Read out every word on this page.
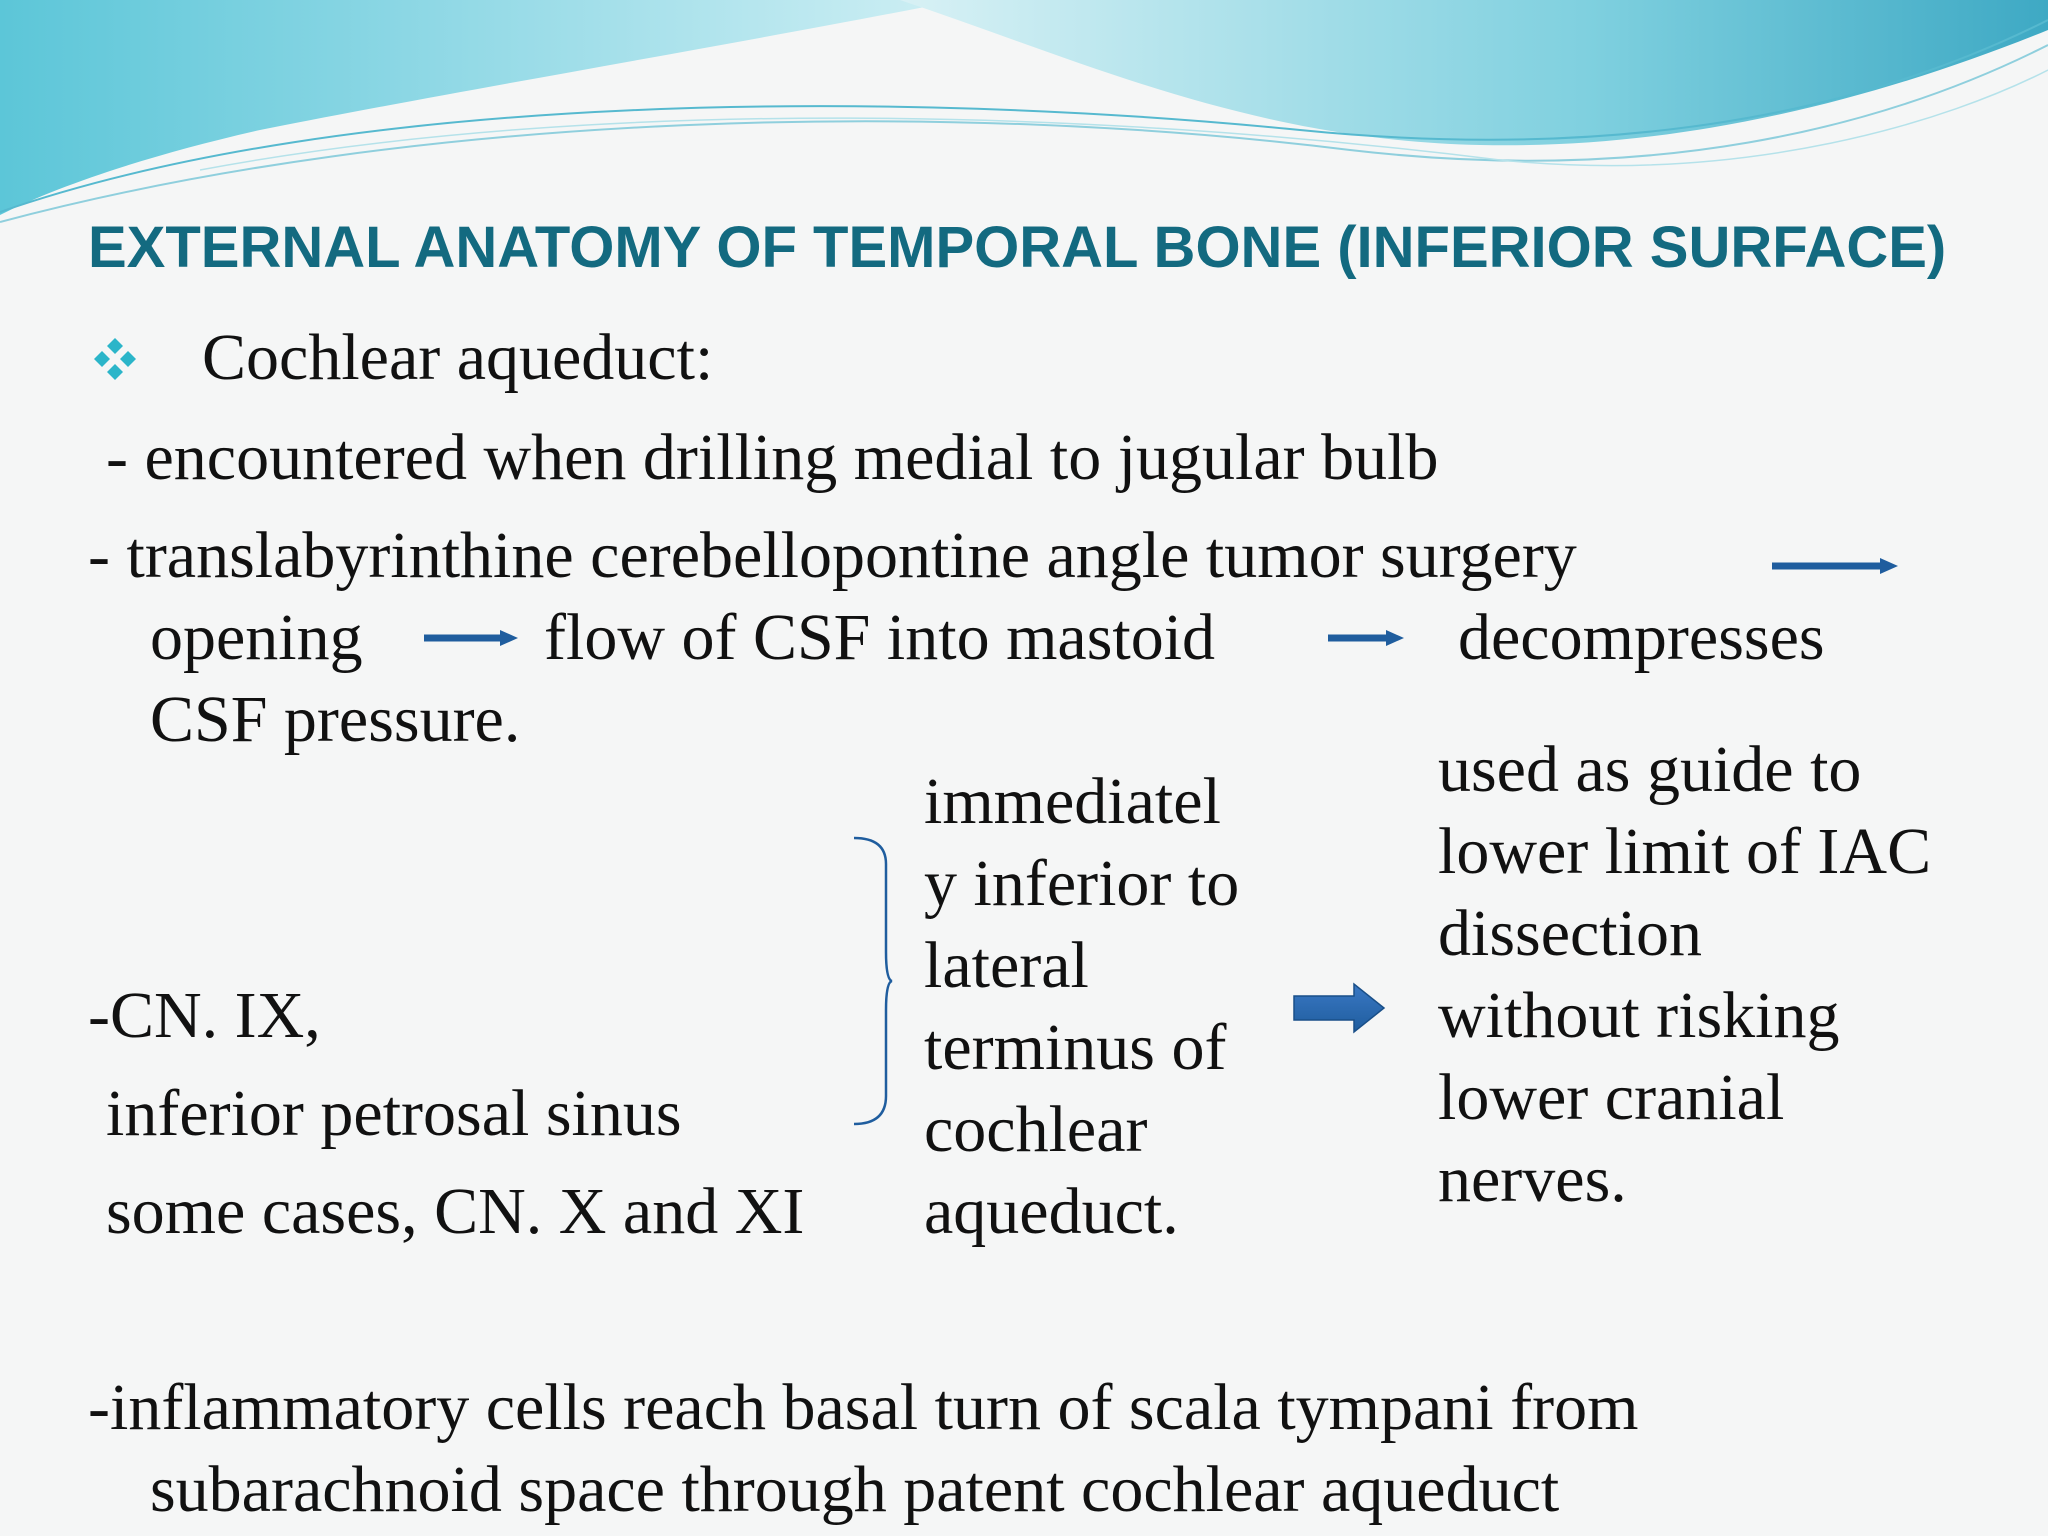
EXTERNAL ANATOMY OF TEMPORAL BONE (INFERIOR SURFACE)
Cochlear aqueduct:
- encountered when drilling medial to jugular bulb
- translabyrinthine cerebellopontine angle tumor surgery
opening	flow of CSF into mastoid	decompresses
CSF pressure.
-CN. IX,
inferior petrosal sinus
some cases, CN. X and XI
immediatel
y inferior to
lateral
terminus of
cochlear
aqueduct.
used as guide to
lower limit of IAC
dissection
without risking
lower cranial
nerves.
-inflammatory cells reach basal turn of scala tympani from
subarachnoid space through patent cochlear aqueduct
